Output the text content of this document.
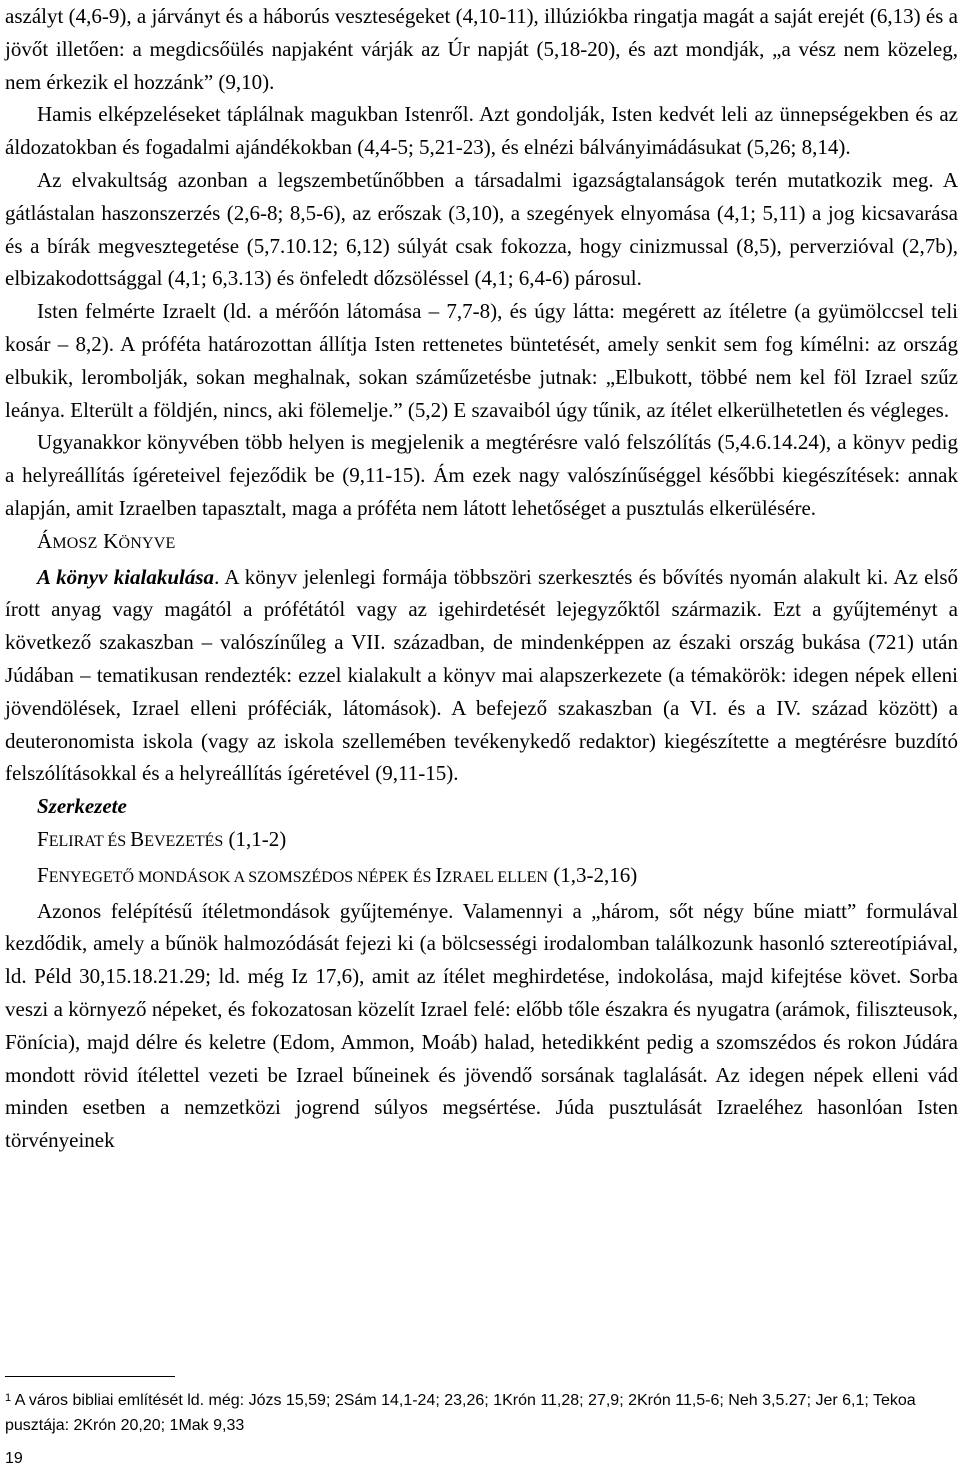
aszályt (4,6-9), a járványt és a háborús veszteségeket (4,10-11), illúziókba ringatja magát a saját erejét (6,13) és a jövőt illetően: a megdicsőülés napjaként várják az Úr napját (5,18-20), és azt mondják, „a vész nem közeleg, nem érkezik el hozzánk” (9,10).

Hamis elképzeléseket táplálnak magukban Istenről. Azt gondolják, Isten kedvét leli az ünnepségekben és az áldozatokban és fogadalmi ajándékokban (4,4-5; 5,21-23), és elnézi bálványimádásukat (5,26; 8,14).

Az elvakultság azonban a legszembetűnőbben a társadalmi igazságtalanságok terén mutatkozik meg. A gátlástalan haszonszerzés (2,6-8; 8,5-6), az erőszak (3,10), a szegények elnyomása (4,1; 5,11) a jog kicsavarása és a bírák megvesztegetése (5,7.10.12; 6,12) súlyát csak fokozza, hogy cinizmussal (8,5), perverzióval (2,7b), elbizakodottsággal (4,1; 6,3.13) és önfeledt dőzsöléssel (4,1; 6,4-6) párosul.

Isten felmérte Izraelt (ld. a mérőón látomása – 7,7-8), és úgy látta: megérett az ítéletre (a gyümölccsel teli kosár – 8,2). A próféta határozottan állítja Isten rettenetes büntetését, amely senkit sem fog kímélni: az ország elbukik, lerombolják, sokan meghalnak, sokan száműzetésbe jutnak: „Elbukott, többé nem kel föl Izrael szűz leánya. Elterült a földjén, nincs, aki fölemelje.” (5,2) E szavaiból úgy tűnik, az ítélet elkerülhetetlen és végleges.

Ugyanakkor könyvében több helyen is megjelenik a megtérésre való felszólítás (5,4.6.14.24), a könyv pedig a helyreállítás ígéreteivel fejeződik be (9,11-15). Ám ezek nagy valószínűséggel későbbi kiegészítések: annak alapján, amit Izraelben tapasztalt, maga a próféta nem látott lehetőséget a pusztulás elkerülésére.

ÁMOSZ KÖNYVE

A könyv kialakulása. A könyv jelenlegi formája többszöri szerkesztés és bővítés nyomán alakult ki. Az első írott anyag vagy magától a prófétától vagy az igehirdetését lejegyzőktől származik. Ezt a gyűjteményt a következő szakaszban – valószínűleg a VII. században, de mindenképpen az északi ország bukása (721) után Júdában – tematikusan rendezték: ezzel kialakult a könyv mai alapszerkezete (a témakörök: idegen népek elleni jövendölések, Izrael elleni próféciák, látomások). A befejező szakaszban (a VI. és a IV. század között) a deuteronomista iskola (vagy az iskola szellemében tevékenykedő redaktor) kiegészítette a megtérésre buzdító felszólításokkal és a helyreállítás ígéretével (9,11-15).

Szerkezete

FELIRAT ÉS BEVEZETÉS (1,1-2)

FENYEGETŐ MONDÁSOK A SZOMSZÉDOS NÉPEK ÉS IZRAEL ELLEN (1,3-2,16)

Azonos felépítésű ítéletmondások gyűjteménye. Valamennyi a „három, sőt négy bűne miatt” formulával kezdődik, amely a bűnök halmozódását fejezi ki (a bölcsességi irodalomban találkozunk hasonló sztereotípiával, ld. Péld 30,15.18.21.29; ld. még Iz 17,6), amit az ítélet meghirdetése, indokolása, majd kifejtése követ. Sorba veszi a környező népeket, és fokozatosan közelít Izrael felé: előbb tőle északra és nyugatra (arámok, filiszteusok, Fönícia), majd délre és keletre (Edom, Ammon, Moáb) halad, hetedikként pedig a szomszédos és rokon Júdára mondott rövid ítélettel vezeti be Izrael bűneinek és jövendő sorsának taglalását. Az idegen népek elleni vád minden esetben a nemzetközi jogrend súlyos megsértése. Júda pusztulását Izraeléhez hasonlóan Isten törvényeinek

$^1$ A város bibliai említését ld. még: Józs 15,59; 2Sám 14,1-24; 23,26; 1Krón 11,28; 27,9; 2Krón 11,5-6; Neh 3,5.27; Jer 6,1; Tekoa pusztája: 2Krón 20,20; 1Mak 9,33

19
